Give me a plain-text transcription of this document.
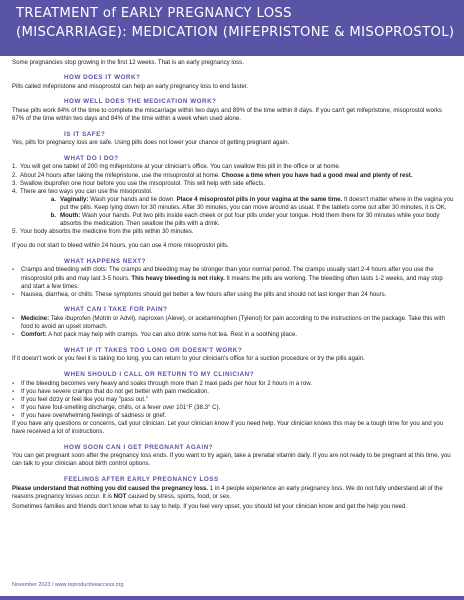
TREATMENT of EARLY PREGNANCY LOSS
(MISCARRIAGE): MEDICATION (MIFEPRISTONE & MISOPROSTOL)
WHAT IS AN EARLY PREGNANCY LOSS?

Some pregnancies stop growing in the first 12 weeks. That is an early pregnancy loss.

HOW DOES IT WORK?

Pills called mifepristone and misoprostol can help an early pregnancy loss to end faster.

HOW WELL DOES THE MEDICATION WORK?

These pills work 84% of the time to complete the miscarriage within two days and 89% of the time within 8 days. If you can't get mifepristone, misoprostol works 67% of the time within two days and 84% of the time within a week when used alone.

IS IT SAFE?

Yes, pills for pregnancy loss are safe. Using pills does not lower your chance of getting pregnant again.

WHAT DO I DO?
1. You will get one tablet of 200 mg mifepristone at your clinician's office. You can swallow this pill in the office or at home.
2. About 24 hours after taking the mifepristone, use the misoprostol at home. Choose a time when you have had a good meal and plenty of rest.
3. Swallow ibuprofen one hour before you use the misoprostol. This will help with side effects.
4. There are two ways you can use the misoprostol.
a. Vaginally: Wash your hands and lie down. Place 4 misoprostol pills in your vagina at the same time. It doesn't matter where in the vagina you put the pills. Keep lying down for 30 minutes. After 30 minutes, you can move around as usual. If the tablets come out after 30 minutes, it is OK.
b. Mouth: Wash your hands. Put two pills inside each cheek or put four pills under your tongue. Hold them there for 30 minutes while your body absorbs the medication. Then swallow the pills with a drink.
5. Your body absorbs the medicine from the pills within 30 minutes.

If you do not start to bleed within 24 hours, you can use 4 more misoprostol pills.

WHAT HAPPENS NEXT?
▪	Cramps and bleeding with clots: The cramps and bleeding may be stronger than your normal period. The cramps usually start 2-4 hours after you use the misoprostol pills and may last 3-5 hours. This heavy bleeding is not risky. It means the pills are working. The bleeding often lasts 1-2 weeks, and may stop and start a few times.
▪	Nausea, diarrhea, or chills: These symptoms should get better a few hours after using the pills and should not last longer than 24 hours.
WHAT CAN I TAKE FOR PAIN?
▪	Medicine: Take ibuprofen (Motrin or Advil), naproxen (Aleve), or acetaminophen (Tylenol) for pain according to the instructions on the package. Take this with food to avoid an upset stomach.
▪	Comfort: A hot pack may help with cramps. You can also drink some hot tea. Rest in a soothing place.
WHAT IF IT TAKES TOO LONG OR DOESN'T WORK?

If it doesn't work or you feel it is taking too long, you can return to your clinician's office for a suction procedure or try the pills again.

WHEN SHOULD I CALL OR RETURN TO MY CLINICIAN?
▪	If the bleeding becomes very heavy and soaks through more than 2 maxi pads per hour for 2 hours in a row.
▪	If you have severe cramps that do not get better with pain medication.
▪	If you feel dizzy or feel like you may "pass out."
▪	If you have foul-smelling discharge, chills, or a fever over 101°F (38.3° C).
▪	If you have overwhelming feelings of sadness or grief.

If you have any questions or concerns, call your clinician. Let your clinician know if you need help. Your clinician knows this may be a tough time for you and you have received a lot of instructions.

HOW SOON CAN I GET PREGNANT AGAIN?

You can get pregnant soon after the pregnancy loss ends. If you want to try again, take a prenatal vitamin daily. If you are not ready to be pregnant at this time, you can talk to your clinician about birth control options.

FEELINGS AFTER EARLY PREGNANCY LOSS

Please understand that nothing you did caused the pregnancy loss. 1 in 4 people experience an early pregnancy loss. We do not fully understand all of the reasons pregnancy losses occur. It is NOT caused by stress, sports, food, or sex.

Sometimes families and friends don't know what to say to help. If you feel very upset, you should let your clinician know and get the help you need.

November 2023 / www.reproductiveaccess.org
